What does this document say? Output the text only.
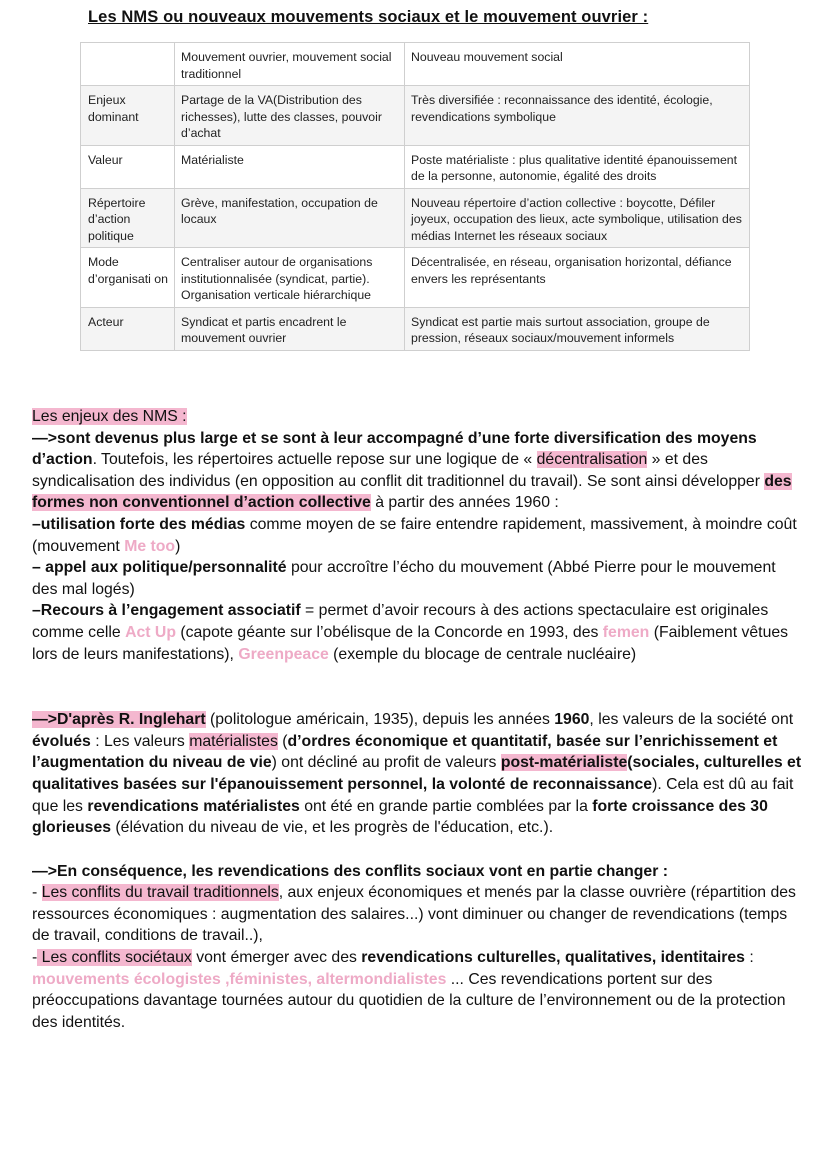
Les NMS ou nouveaux mouvements sociaux et le mouvement ouvrier :
	Mouvement ouvrier, mouvement social traditionnel	Nouveau mouvement social
Enjeux dominant	Partage de la VA(Distribution des richesses), lutte des classes, pouvoir d’achat	Très diversifiée : reconnaissance des identité, écologie, revendications symbolique
Valeur	Matérialiste	Poste matérialiste : plus qualitative identité épanouissement de la personne, autonomie, égalité des droits
Répertoire d’action politique	Grève, manifestation, occupation de locaux	Nouveau répertoire d’action collective : boycotte, Défiler joyeux, occupation des lieux, acte symbolique, utilisation des médias Internet les réseaux sociaux
Mode d’organisati on	Centraliser autour de organisations institutionnalisée (syndicat, partie). Organisation verticale hiérarchique	Décentralisée, en réseau, organisation horizontal, défiance envers les représentants
Acteur	Syndicat et partis encadrent le mouvement ouvrier	Syndicat est partie mais surtout association, groupe de pression, réseaux sociaux/mouvement informels

Les enjeux des NMS :
—>sont devenus plus large et se sont à leur accompagné d’une forte diversification des moyens d’action. Toutefois, les répertoires actuelle repose sur une logique de « décentralisation » et des syndicalisation des individus (en opposition au conflit dit traditionnel du travail). Se sont ainsi développer des formes non conventionnel d’action collective à partir des années 1960 :
–utilisation forte des médias comme moyen de se faire entendre rapidement, massivement, à moindre coût (mouvement Me too)
– appel aux politique/personnalité pour accroître l’écho du mouvement (Abbé Pierre pour le mouvement des mal logés)
–Recours à l’engagement associatif = permet d’avoir recours à des actions spectaculaire est originales comme celle Act Up (capote géante sur l’obélisque de la Concorde en 1993, des femen (Faiblement vêtues lors de leurs manifestations), Greenpeace (exemple du blocage de centrale nucléaire)

—>D'après R. Inglehart (politologue américain, 1935), depuis les années 1960, les valeurs de la société ont évolués : Les valeurs matérialistes (d’ordres économique et quantitatif, basée sur l’enrichissement et l’augmentation du niveau de vie) ont décliné au profit de valeurs post-matérialiste(sociales, culturelles et qualitatives basées sur l'épanouissement personnel, la volonté de reconnaissance). Cela est dû au fait que les revendications matérialistes ont été en grande partie comblées par la forte croissance des 30 glorieuses (élévation du niveau de vie, et les progrès de l'éducation, etc.).

—>En conséquence, les revendications des conflits sociaux vont en partie changer :
- Les conflits du travail traditionnels, aux enjeux économiques et menés par la classe ouvrière (répartition des ressources économiques : augmentation des salaires...) vont diminuer ou changer de revendications (temps de travail, conditions de travail..),
- Les conflits sociétaux vont émerger avec des revendications culturelles, qualitatives, identitaires : mouvements écologistes ,féministes, altermondialistes ... Ces revendications portent sur des préoccupations davantage tournées autour du quotidien de la culture de l’environnement ou de la protection des identités.
